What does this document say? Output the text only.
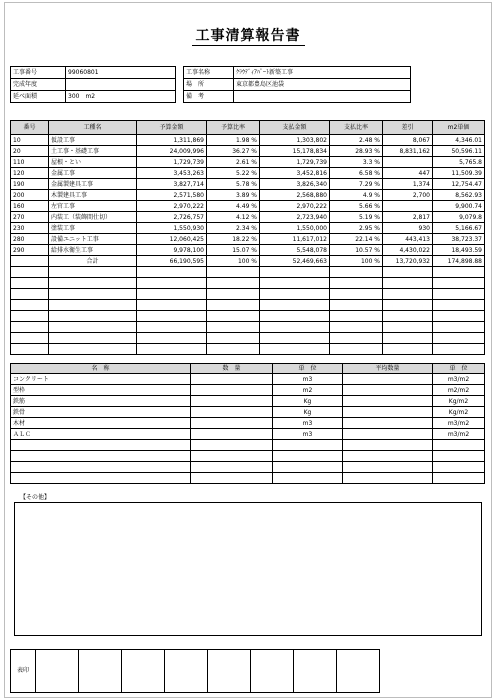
工事清算報告書
工事番号	99060801		工事名称	ｸﾗｳﾃﾞｨｱﾊﾟｰﾄ新築工事
完成年度			場　所	東京都豊島区池袋
延べ面積	300　m2		備　考	
番号	工種名	予算金額	予算比率	支払金額	支払比率	差引	m2単価
10	仮設工事	1,311,869	1.98 %	1,303,802	2.48 %	8,067	4,346.01
20	土工事・基礎工事	24,009,996	36.27 %	15,178,834	28.93 %	8,831,162	50,596.11
110	屋根・とい	1,729,739	2.61 %	1,729,739	3.3 %		5,765.8
120	金属工事	3,453,263	5.22 %	3,452,816	6.58 %	447	11,509.39
190	金属製建具工事	3,827,714	5.78 %	3,826,340	7.29 %	1,374	12,754.47
200	木製建具工事	2,571,580	3.89 %	2,568,880	4.9 %	2,700	8,562.93
160	左官工事	2,970,222	4.49 %	2,970,222	5.66 %		9,900.74
270	内装工（装飾間仕切）	2,726,757	4.12 %	2,723,940	5.19 %	2,817	9,079.8
230	塗装工事	1,550,930	2.34 %	1,550,000	2.95 %	930	5,166.67
280	設備ユニット工事	12,060,425	18.22 %	11,617,012	22.14 %	443,413	38,723.37
290	給排水衛生工事	9,978,100	15.07 %	5,548,078	10.57 %	4,430,022	18,493.59
	合計	66,190,595	100 %	52,469,663	100 %	13,720,932	174,898.88

名　称	数　量	単　位	平均数量	単　位
コンクリート		m3		m3/m2
型枠		m2		m2/m2
鉄筋		Kg		Kg/m2
鉄骨		Kg		Kg/m2
木材		m3		m3/m2
ＡＬＣ		m3		m3/m2

【その他】
表印								
